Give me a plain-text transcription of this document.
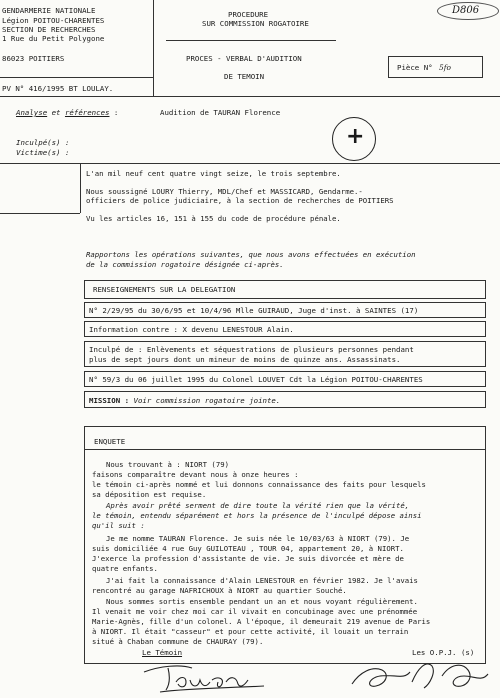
GENDARMERIE NATIONALE
Légion POITOU-CHARENTES
SECTION DE RECHERCHES
1 Rue du Petit Polygone
86023 POITIERS
PV N° 416/1995 BT LOULAY.
PROCEDURE
SUR COMMISSION ROGATOIRE
PROCES - VERBAL D'AUDITION
DE TEMOIN
Pièce N° 5fo
D806
Analyse et références :	Audition de TAURAN Florence
Inculpé(s) :
Victime(s) :
+
L'an mil neuf cent quatre vingt seize, le trois septembre.
Nous soussigné LOURY Thierry, MDL/Chef et MASSICARD, Gendarme.-
officiers de police judiciaire, à la section de recherches de POITIERS
Vu les articles 16, 151 à 155 du code de procédure pénale.
Rapportons les opérations suivantes, que nous avons effectuées en exécution
de la commission rogatoire désignée ci-après.
RENSEIGNEMENTS SUR LA DELEGATION
N° 2/29/95 du 30/6/95 et 10/4/96 Mlle GUIRAUD, Juge d'inst. à SAINTES (17)
Information contre : X devenu LENESTOUR Alain.
Inculpé de : Enlèvements et séquestrations de plusieurs personnes pendant
plus de sept jours dont un mineur de moins de quinze ans. Assassinats.
N° 59/3 du 06 juillet 1995 du Colonel LOUVET Cdt la Légion POITOU-CHARENTES
MISSION : Voir commission rogatoire jointe.
ENQUETE
Nous trouvant à : NIORT (79)
faisons comparaître devant nous à onze heures :
le témoin ci-après nommé et lui donnons connaissance des faits pour lesquels
sa déposition est requise.
Après avoir prêté serment de dire toute la vérité rien que la vérité,
le témoin, entendu séparément et hors la présence de l'inculpé dépose ainsi
qu'il suit :
Je me nomme TAURAN Florence. Je suis née le 10/03/63 à NIORT (79). Je
suis domiciliée 4 rue Guy GUILOTEAU , TOUR 04, appartement 20, à NIORT.
J'exerce la profession d'assistante de vie. Je suis divorcée et mère de
quatre enfants.
J'ai fait la connaissance d'Alain LENESTOUR en février 1982. Je l'avais
rencontré au garage NAFRICHOUX à NIORT au quartier Souché.
Nous sommes sortis ensemble pendant un an et nous voyant régulièrement.
Il venait me voir chez moi car il vivait en concubinage avec une prénommée
Marie-Agnès, fille d'un colonel. A l'époque, il demeurait 219 avenue de Paris
à NIORT. Il était "casseur" et pour cette activité, il louait un terrain
situé à Chaban commune de CHAURAY (79).
Le Témoin	Les O.P.J. (s)
